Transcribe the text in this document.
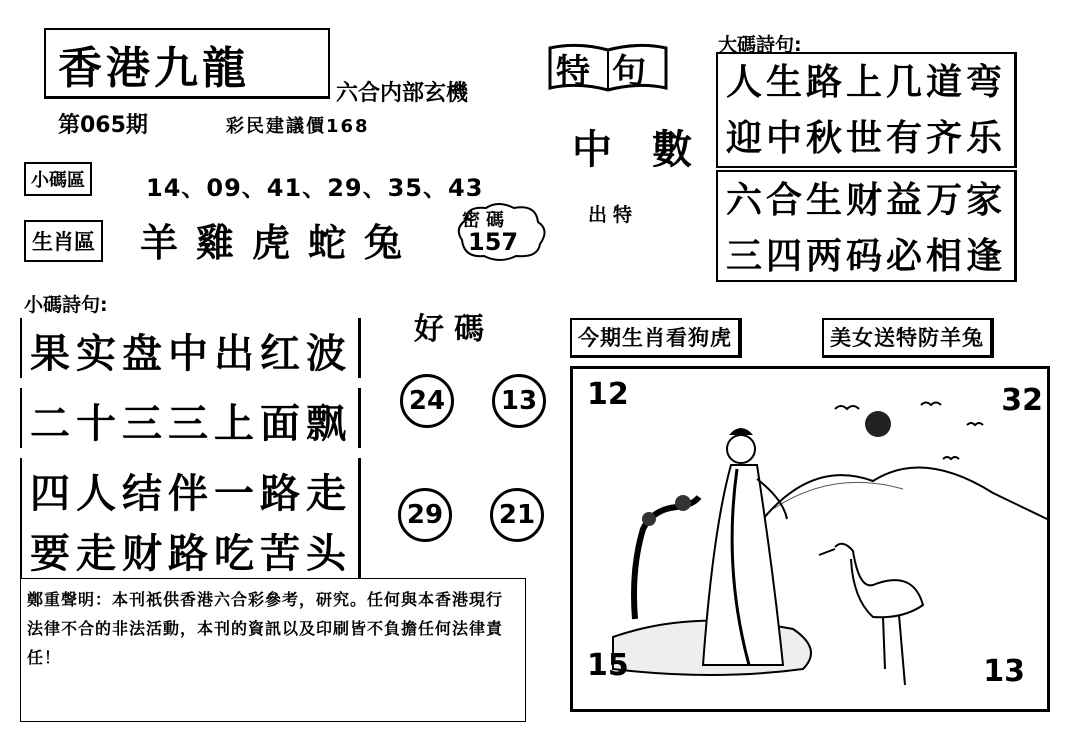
香港九龍	六合内部玄機
第065期	彩民建議價168
小碼區	14、09、41、29、35、43
生肖區 羊雞虎蛇兔 密碼
157
特句
中數
出特
大碼詩句:
人生路上几道弯
迎中秋世有齐乐
六合生财益万家
三四两码必相逢
小碼詩句:
果实盘中出红波
二十三三上面飘
四人结伴一路走
要走财路吃苦头
好碼
24	13
29	21
今期生肖看狗虎	美女送特防羊兔
12	32
15	13
鄭重聲明：本刊祇供香港六合彩參考，研究。任何與本香港現行法律不合的非法活動，本刊的資訊以及印刷皆不負擔任何法律責任！
